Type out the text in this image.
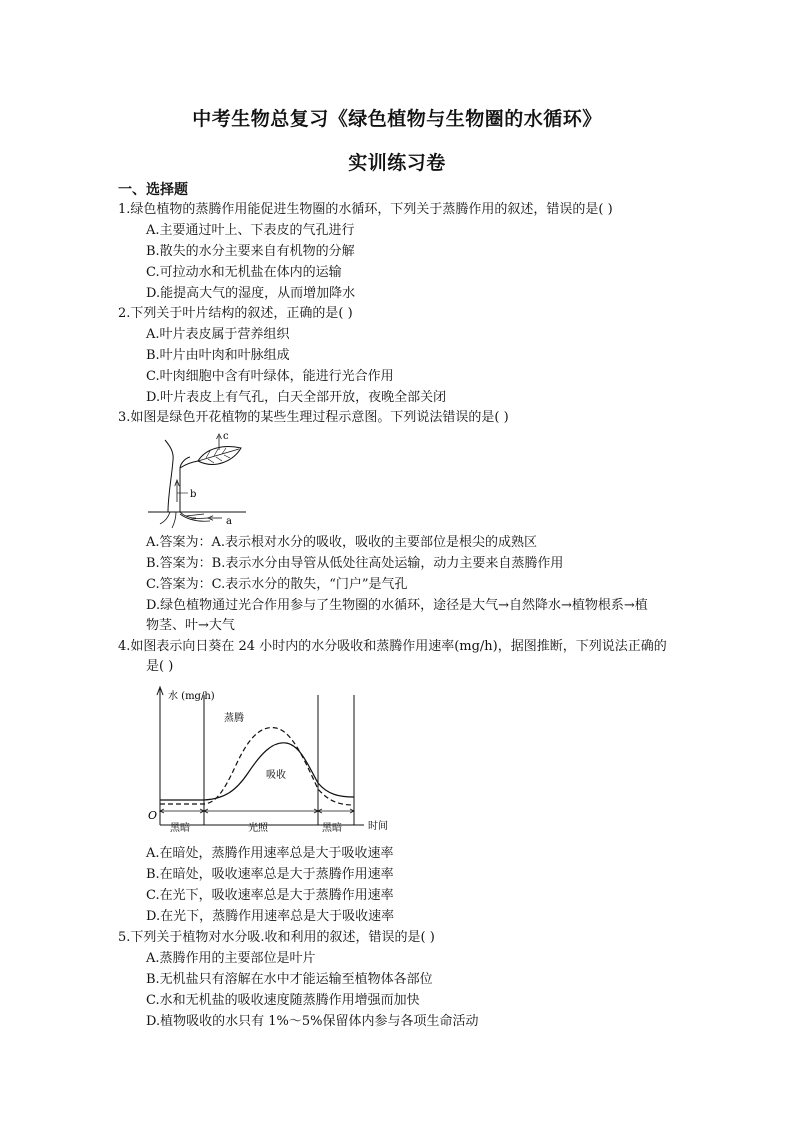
中考生物总复习《绿色植物与生物圈的水循环》
实训练习卷
一、选择题
1.绿色植物的蒸腾作用能促进生物圈的水循环，下列关于蒸腾作用的叙述，错误的是( )
A.主要通过叶上、下表皮的气孔进行
B.散失的水分主要来自有机物的分解
C.可拉动水和无机盐在体内的运输
D.能提高大气的湿度，从而增加降水
2.下列关于叶片结构的叙述，正确的是( )
A.叶片表皮属于营养组织
B.叶片由叶肉和叶脉组成
C.叶肉细胞中含有叶绿体，能进行光合作用
D.叶片表皮上有气孔，白天全部开放，夜晚全部关闭
3.如图是绿色开花植物的某些生理过程示意图。下列说法错误的是( )
c
b
a
A.答案为：A.表示根对水分的吸收，吸收的主要部位是根尖的成熟区
B.答案为：B.表示水分由导管从低处往高处运输，动力主要来自蒸腾作用
C.答案为：C.表示水分的散失，“门户”是气孔
D.绿色植物通过光合作用参与了生物圈的水循环，途径是大气→自然降水→植物根系→植
物茎、叶→大气
4.如图表示向日葵在 24 小时内的水分吸收和蒸腾作用速率(mg/h)，据图推断，下列说法正确的
是( )
水 (mg/h)
O
时间
黑暗	光照	黑暗
蒸腾
吸收
A.在暗处，蒸腾作用速率总是大于吸收速率
B.在暗处，吸收速率总是大于蒸腾作用速率
C.在光下，吸收速率总是大于蒸腾作用速率
D.在光下，蒸腾作用速率总是大于吸收速率
5.下列关于植物对水分吸.收和利用的叙述，错误的是( )
A.蒸腾作用的主要部位是叶片
B.无机盐只有溶解在水中才能运输至植物体各部位
C.水和无机盐的吸收速度随蒸腾作用增强而加快
D.植物吸收的水只有 1%～5%保留体内参与各项生命活动
